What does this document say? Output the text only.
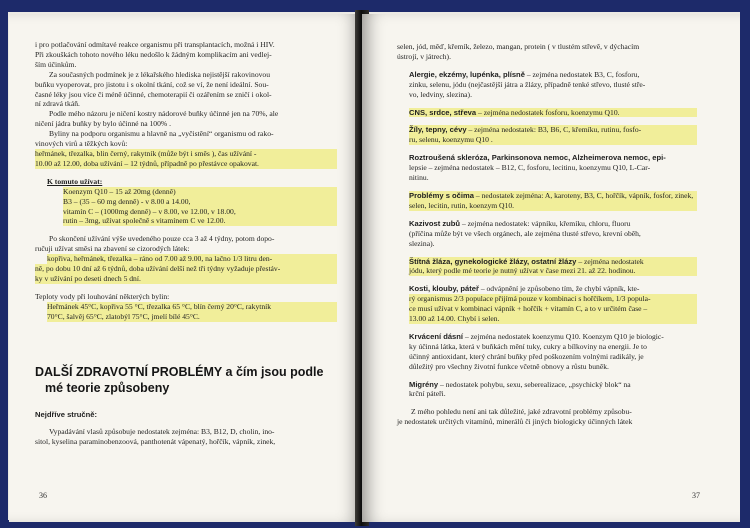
i pro potlačování odmítavé reakce organismu při transplantacích, možná i HIV.

Při zkouškách tohoto nového léku nedošlo k žádným komplikacím ani vedlej-

ším účinkům.

Za současných podmínek je z lékařského hlediska nejistější rakovinovou

buňku vyoperovat, pro jistotu i s okolní tkání, což se ví, že není ideální. Sou-

časné léky jsou více či méně účinné, chemoterapií či ozářením se zničí i okol-

ní zdravá tkáň.

Podle mého názoru je ničení kostry nádorové buňky účinné jen na 70%, ale

ničení jádra buňky by bylo účinné na 100% .

Byliny na podporu organismu a hlavně na „vyčistění“ organismu od rako-

vinových virů a těžkých kovů:

heřmánek, třezalka, blin černý, rakytník (může být i směs ), čas užívání -

10.00 až 12.00, doba užívání – 12 týdnů, případně po přestávce opakovat.

K tomuto užívat:

Koenzym Q10 – 15 až 20mg (denně)

B3 – (35 – 60 mg denně) - v 8.00 a 14.00,

vitamín C – (1000mg denně) – v 8.00, ve 12.00, v 18.00,

rutin – 3mg, užívat společně s vitamínem C ve 12.00.

Po skončení užívání výše uvedeného pouze cca 3 až 4 týdny, potom dopo-

ručuji užívat směsi na zbavení se cizorodých látek:

kopřiva, heřmánek, třezalka – ráno od 7.00 až 9.00, na lačno 1/3 litru den-

ně, po dobu 10 dní až 6 týdnů, doba užívání delší než tři týdny vyžaduje přestáv-

ky v užívání po deseti dnech 5 dní.

Teploty vody při louhování některých bylin:

Heřmánek 45°C, kopřiva 55 °C, třezalka 65 °C, blín černý 20°C, rakytník

70°C, šalvěj 65°C, zlatobýl 75°C, jmelí bílé 45°C.

DALŠÍ ZDRAVOTNÍ PROBLÉMY a čím jsou podle
mé teorie způsobeny

Nejdříve stručně:

Vypadávání vlasů způsobuje nedostatek zejména: B3, B12, D, cholin, ino-

sitol, kyselina paraminobenzoová, panthotenát vápenatý, hořčík, vápník, zinek,

36

selen, jód, měď, křemík, železo, mangan, protein ( v tlustém střevě, v dýchacím

ústrojí, v játrech).

Alergie, ekzémy, lupénka, plísně – zejména nedostatek B3, C, fosforu,

zinku, selenu, jódu (nejčastější játra a žlázy, případně tenké střevo, tlusté stře-

vo, ledviny, slezina).

CNS, srdce, střeva – zejména nedostatek fosforu, koenzymu Q10.

Žíly, tepny, cévy – zejména nedostatek: B3, B6, C, křemíku, rutinu, fosfo-

ru, selenu, koenzymu Q10 .

Roztroušená skleróza, Parkinsonova nemoc, Alzheimerova nemoc, epi-

lepsie – zejména nedostatek – B12, C, fosforu, lecitinu, koenzymu Q10, L-Car-

nitinu.

Problémy s očima – nedostatek zejména: A, karoteny, B3, C, hořčík, vápník, fosfor, zinek, selen, lecitin, rutin, koenzym Q10.

Kazivost zubů – zejména nedostatek: vápníku, křemíku, chloru, fluoru

(příčina může být ve všech orgánech, ale zejména tlusté střevo, krevní oběh,

slezina).

Štítná žláza, gynekologické žlázy, ostatní žlázy – zejména nedostatek

jódu, který podle mé teorie je nutný užívat v čase mezi 21. až 22. hodinou.

Kosti, klouby, páteř – odvápnění je způsobeno tím, že chybí vápník, kte-

rý organismus 2/3 populace přijímá pouze v kombinaci s hořčíkem, 1/3 popula-

ce musí užívat v kombinaci vápník + hořčík + vitamín C, a to v určitém čase –

13.00 až 14.00. Chybí i selen.

Krvácení dásní – zejména nedostatek koenzymu Q10. Koenzym Q10 je biologic-

ky účinná látka, která v buňkách mění tuky, cukry a bílkoviny na energii. Je to

účinný antioxidant, který chrání buňky před poškozením volnými radikály, je

důležitý pro všechny životní funkce včetně obnovy a růstu buněk.

Migrény – nedostatek pohybu, sexu, seberealizace, „psychický blok“ na

krční páteři.

Z mého pohledu není ani tak důležité, jaké zdravotní problémy způsobu-

je nedostatek určitých vitamínů, minerálů či jiných biologicky účinných látek

37
